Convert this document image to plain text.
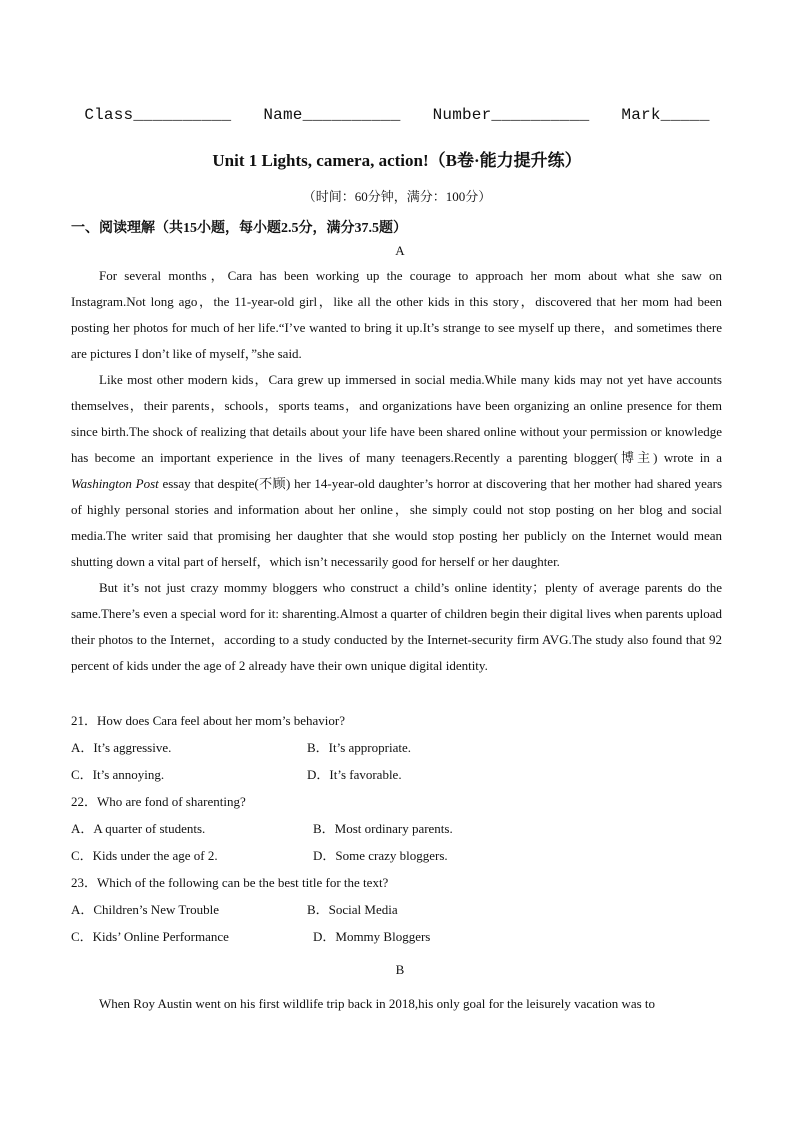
Class__________ Name__________ Number__________ Mark_____
Unit 1 Lights, camera, action!（B卷·能力提升练）
（时间：60分钟，满分：100分）
一、阅读理解（共15小题，每小题2.5分，满分37.5题）
A

For several months，Cara has been working up the courage to approach her mom about what she saw on Instagram.Not long ago，the 11-year-old girl，like all the other kids in this story，discovered that her mom had been posting her photos for much of her life.“I’ve wanted to bring it up.It’s strange to see myself up there，and sometimes there are pictures I don’t like of myself，”she said.

Like most other modern kids，Cara grew up immersed in social media.While many kids may not yet have accounts themselves，their parents，schools，sports teams，and organizations have been organizing an online presence for them since birth.The shock of realizing that details about your life have been shared online without your permission or knowledge has become an important experience in the lives of many teenagers.Recently a parenting blogger(博主) wrote in a Washington Post essay that despite(不顾) her 14-year-old daughter’s horror at discovering that her mother had shared years of highly personal stories and information about her online，she simply could not stop posting on her blog and social media.The writer said that promising her daughter that she would stop posting her publicly on the Internet would mean shutting down a vital part of herself，which isn’t necessarily good for herself or her daughter.

But it’s not just crazy mommy bloggers who construct a child’s online identity；plenty of average parents do the same.There’s even a special word for it: sharenting.Almost a quarter of children begin their digital lives when parents upload their photos to the Internet，according to a study conducted by the Internet-security firm AVG.The study also found that 92 percent of kids under the age of 2 already have their own unique digital identity.

21．How does Cara feel about her mom’s behavior?
A．It’s aggressive.	B．It’s appropriate.
C．It’s annoying.	D．It’s favorable.
22．Who are fond of sharenting?
A．A quarter of students.	B．Most ordinary parents.
C．Kids under the age of 2.	D．Some crazy bloggers.
23．Which of the following can be the best title for the text?
A．Children’s New Trouble	B．Social Media
C．Kids’ Online Performance	D．Mommy Bloggers
B

When Roy Austin went on his first wildlife trip back in 2018,his only goal for the leisurely vacation was to
